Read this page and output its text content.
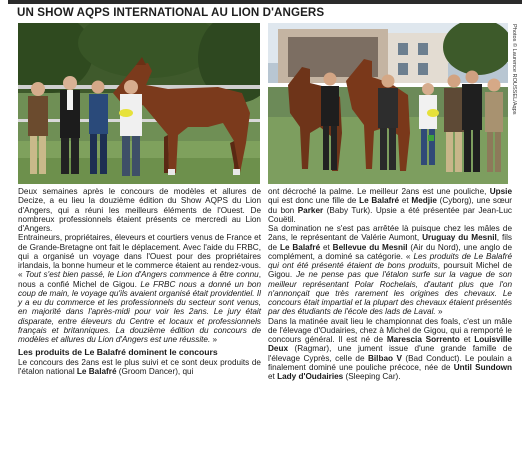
UN SHOW AQPS INTERNATIONAL AU LION D'ANGERS
Photos © Laurence ROUSSEL/Aqps

Deux semaines après le concours de modèles et allures de Decize, a eu lieu la douzième édition du Show AQPS du Lion d'Angers, qui a réuni les meilleurs éléments de l'Ouest. De nombreux professionnels étaient présents ce mercredi au Lion d'Angers.

Entraineurs, propriétaires, éleveurs et courtiers venus de France et de Grande-Bretagne ont fait le déplacement. Avec l'aide du FRBC, qui a organisé un voyage dans l'Ouest pour des propriétaires irlandais, la bonne humeur et le commerce étaient au rendez-vous. « Tout s'est bien passé, le Lion d'Angers commence à être connu, nous a confié Michel de Gigou. Le FRBC nous a donné un bon coup de main, le voyage qu'ils avaient organisé était providentiel. Il y a eu du commerce et les professionnels du secteur sont venus, en majorité dans l'après-midi pour voir les 2ans. Le jury était disparate, entre éleveurs du Centre et locaux et professionnels français et britanniques. La douzième édition du concours de modèles et allures du Lion d'Angers est une réussite. »

Les produits de Le Balafré dominent le concours

Le concours des 2ans est le plus suivi et ce sont deux produits de l'étalon national Le Balafré (Groom Dancer), qui

ont décroché la palme. Le meilleur 2ans est une pouliche, Upsie qui est donc une fille de Le Balafré et Medjie (Cyborg), une sœur du bon Parker (Baby Turk). Upsie a été présentée par Jean-Luc Couëtil.

Sa domination ne s'est pas arrêtée là puisque chez les mâles de 2ans, le représentant de Valérie Aumont, Uruguay du Mesnil, fils de Le Balafré et Bellevue du Mesnil (Air du Nord), une anglo de complément, a dominé sa catégorie. « Les produits de Le Balafré qui ont été présenté étaient de bons produits, poursuit Michel de Gigou. Je ne pense pas que l'étalon surfe sur la vague de son meilleur représentant Polar Rochelais, d'autant plus que l'on n'annonçait que très rarement les origines des chevaux. Le concours était impartial et la plupart des chevaux étaient présentés par des étudiants de l'école des lads de Laval. »

Dans la matinée avait lieu le championnat des foals, c'est un mâle de l'élevage d'Oudairies, chez à Michel de Gigou, qui a remporté le concours général. Il est né de Marescia Sorrento et Louisville Deux (Ragmar), une jument issue d'une grande famille de l'élevage Cyprès, celle de Bilbao V (Bad Conduct). Le poulain a finalement dominé une pouliche précoce, née de Until Sundown et Lady d'Oudairies (Sleeping Car).
